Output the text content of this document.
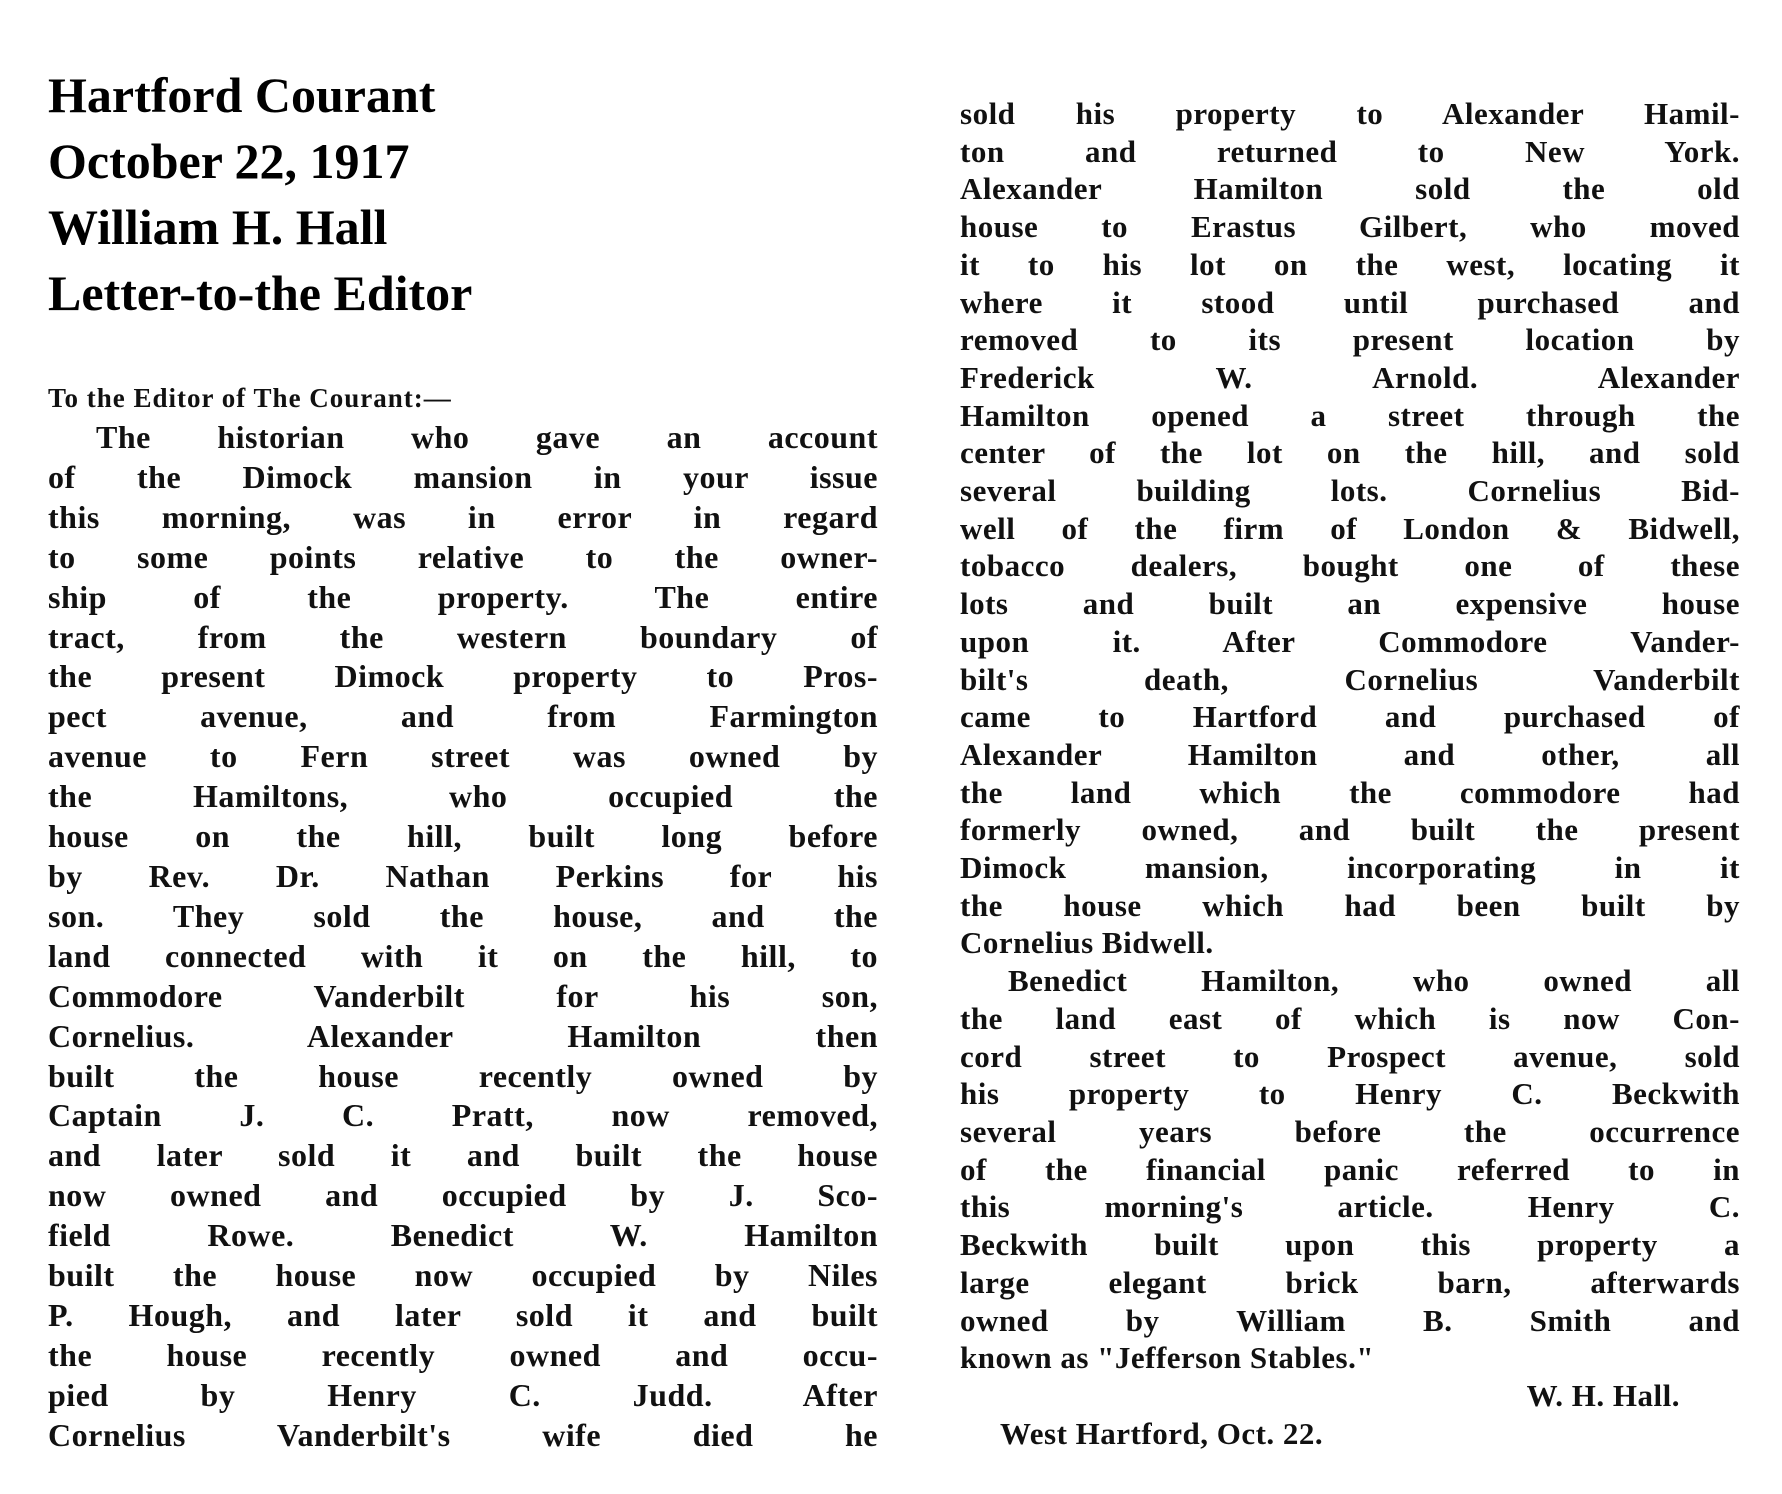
Hartford Courant
October 22, 1917
William H. Hall
Letter-to-the Editor
To the Editor of The Courant:—
The historian who gave an account
of the Dimock mansion in your issue
this morning, was in error in regard
to some points relative to the owner-
ship of the property. The entire
tract, from the western boundary of
the present Dimock property to Pros-
pect avenue, and from Farmington
avenue to Fern street was owned by
the Hamiltons, who occupied the
house on the hill, built long before
by Rev. Dr. Nathan Perkins for his
son. They sold the house, and the
land connected with it on the hill, to
Commodore Vanderbilt for his son,
Cornelius. Alexander Hamilton then
built the house recently owned by
Captain J. C. Pratt, now removed,
and later sold it and built the house
now owned and occupied by J. Sco-
field Rowe. Benedict W. Hamilton
built the house now occupied by Niles
P. Hough, and later sold it and built
the house recently owned and occu-
pied by Henry C. Judd. After
Cornelius Vanderbilt's wife died he
sold his property to Alexander Hamil-
ton and returned to New York.
Alexander Hamilton sold the old
house to Erastus Gilbert, who moved
it to his lot on the west, locating it
where it stood until purchased and
removed to its present location by
Frederick W. Arnold. Alexander
Hamilton opened a street through the
center of the lot on the hill, and sold
several building lots. Cornelius Bid-
well of the firm of London & Bidwell,
tobacco dealers, bought one of these
lots and built an expensive house
upon it. After Commodore Vander-
bilt's death, Cornelius Vanderbilt
came to Hartford and purchased of
Alexander Hamilton and other, all
the land which the commodore had
formerly owned, and built the present
Dimock mansion, incorporating in it
the house which had been built by
Cornelius Bidwell.
Benedict Hamilton, who owned all
the land east of which is now Con-
cord street to Prospect avenue, sold
his property to Henry C. Beckwith
several years before the occurrence
of the financial panic referred to in
this morning's article. Henry C.
Beckwith built upon this property a
large elegant brick barn, afterwards
owned by William B. Smith and
known as "Jefferson Stables."
W. H. Hall.
West Hartford, Oct. 22.
